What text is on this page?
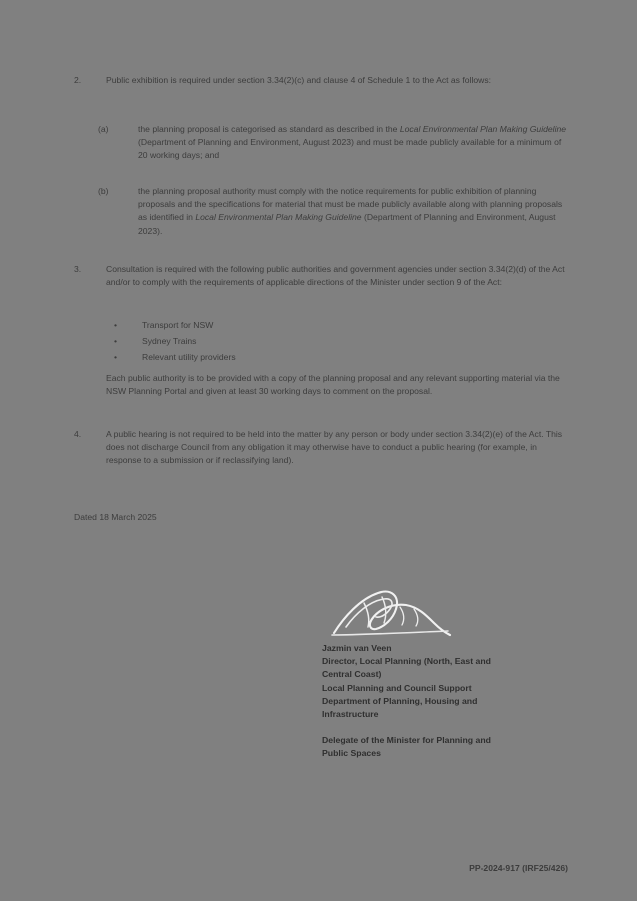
2.	Public exhibition is required under section 3.34(2)(c) and clause 4 of Schedule 1 to the Act as follows:
(a)	the planning proposal is categorised as standard as described in the Local Environmental Plan Making Guideline (Department of Planning and Environment, August 2023) and must be made publicly available for a minimum of 20 working days; and
(b)	the planning proposal authority must comply with the notice requirements for public exhibition of planning proposals and the specifications for material that must be made publicly available along with planning proposals as identified in Local Environmental Plan Making Guideline (Department of Planning and Environment, August 2023).
3.	Consultation is required with the following public authorities and government agencies under section 3.34(2)(d) of the Act and/or to comply with the requirements of applicable directions of the Minister under section 9 of the Act:
•	Transport for NSW
•	Sydney Trains
•	Relevant utility providers
Each public authority is to be provided with a copy of the planning proposal and any relevant supporting material via the NSW Planning Portal and given at least 30 working days to comment on the proposal.
4.	A public hearing is not required to be held into the matter by any person or body under section 3.34(2)(e) of the Act. This does not discharge Council from any obligation it may otherwise have to conduct a public hearing (for example, in response to a submission or if reclassifying land).
Dated 18 March 2025
Jazmin van Veen
Director, Local Planning (North, East and
Central Coast)
Local Planning and Council Support
Department of Planning, Housing and
Infrastructure
Delegate of the Minister for Planning and
Public Spaces
PP-2024-917 (IRF25/426)
